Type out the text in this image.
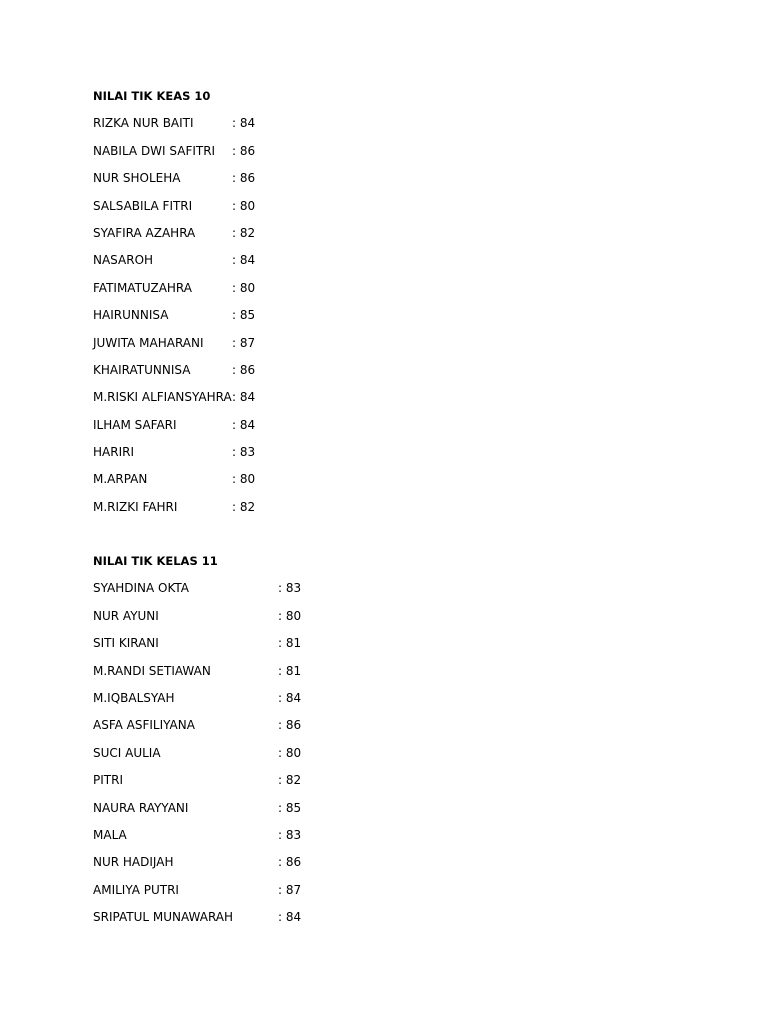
NILAI TIK KEAS 10
RIZKA NUR BAITI	: 84
NABILA DWI SAFITRI : 86
NUR SHOLEHA	: 86
SALSABILA FITRI	: 80
SYAFIRA AZAHRA	: 82
NASAROH	: 84
FATIMATUZAHRA	: 80
HAIRUNNISA	: 85
JUWITA MAHARANI : 87
KHAIRATUNNISA	: 86
M.RISKI ALFIANSYAHRA : 84
ILHAM SAFARI	: 84
HARIRI	: 83
M.ARPAN	: 80
M.RIZKI FAHRI	: 82
NILAI TIK KELAS 11
SYAHDINA OKTA	: 83
NUR AYUNI	: 80
SITI KIRANI	: 81
M.RANDI SETIAWAN	: 81
M.IQBALSYAH	: 84
ASFA ASFILIYANA	: 86
SUCI AULIA	: 80
PITRI	: 82
NAURA RAYYANI	: 85
MALA	: 83
NUR HADIJAH	: 86
AMILIYA PUTRI	: 87
SRIPATUL MUNAWARAH	: 84
